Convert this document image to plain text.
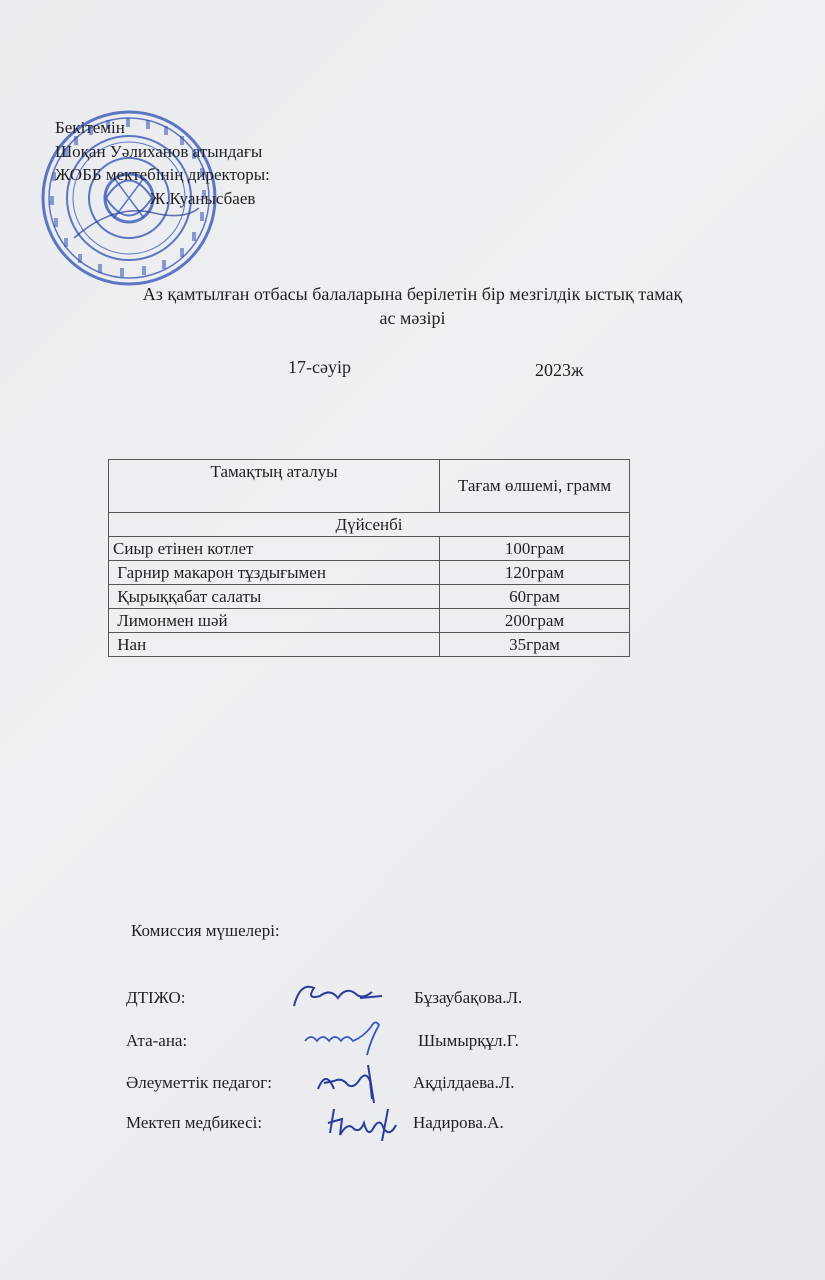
Бекітемін
Шоқан Уәлиханов атындағы
ЖОББ мектебінің директоры:
Ж.Куанысбаев
Аз қамтылған отбасы балаларына берілетін бір мезгілдік ыстық тамақ
ас мәзірі
17-сәуір	2023ж
Тамақтың аталуы	Тағам өлшемі, грамм
Дүйсенбі	
Сиыр етінен котлет	100грам
Гарнир макарон тұздығымен	120грам
Қырыққабат салаты	60грам
Лимонмен шәй	200грам
Нан	35грам
Комиссия мүшелері:
ДТІЖО:	Бұзаубақова.Л.
Ата-ана:	Шымырқұл.Г.
Әлеуметтік педагог:	Ақділдаева.Л.
Мектеп медбикесі:	Надирова.А.
